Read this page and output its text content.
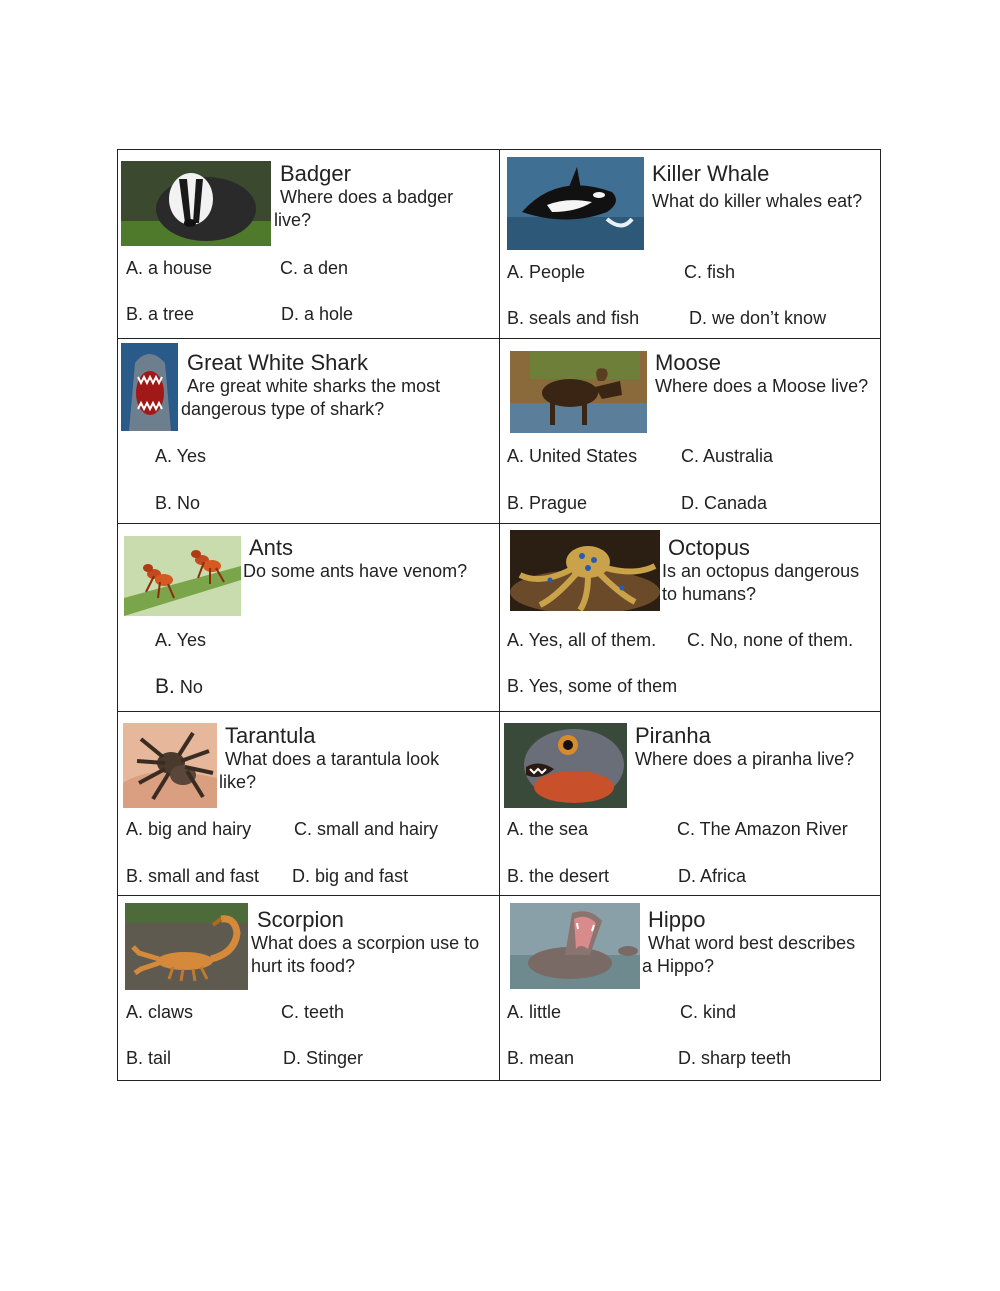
Badger
Where does a badger live?
A. a house	C. a den
B. a tree	D. a hole
Killer Whale
What do killer whales eat?
A. People	C. fish
B. seals and fish	D. we don’t know
Great White Shark
Are great white sharks the most dangerous type of shark?
A. Yes
B. No
Moose
Where does a Moose live?
A. United States C. Australia
B. Prague	D. Canada
Ants
Do some ants have venom?
A. Yes
B. No
Octopus
Is an octopus dangerous to humans?
A. Yes, all of them. C. No, none of them.
B. Yes, some of them
Tarantula
What does a tarantula look like?
A. big and hairy C. small and hairy
B. small and fast D. big and fast
Piranha
Where does a piranha live?
A. the sea	C. The Amazon River
B. the desert	D. Africa
Scorpion
What does a scorpion use to hurt its food?
A. claws	C. teeth
B. tail	D. Stinger
Hippo
What word best describes a Hippo?
A. little	C. kind
B. mean	D. sharp teeth
